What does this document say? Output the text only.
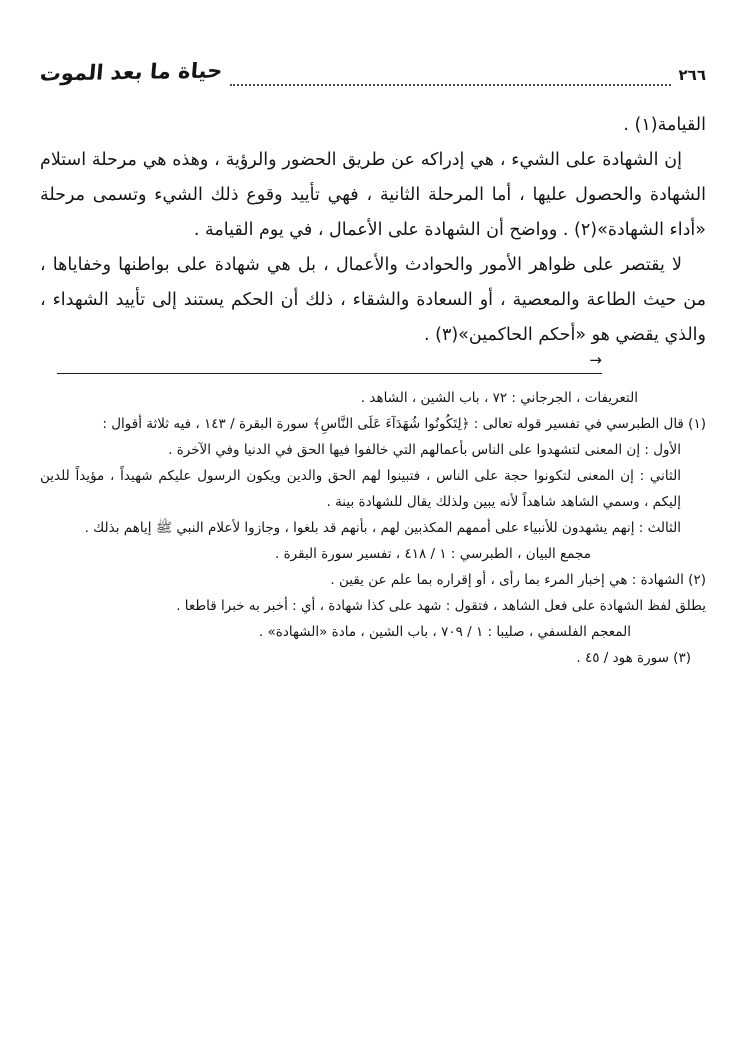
٢٦٦
حياة ما بعد الموت

القيامة(١) .

إن الشهادة على الشيء ، هي إدراكه عن طريق الحضور والرؤية ، وهذه هي مرحلة استلام الشهادة والحصول عليها ، أما المرحلة الثانية ، فهي تأييد وقوع ذلك الشيء وتسمى مرحلة «أداء الشهادة»(٢) . وواضح أن الشهادة على الأعمال ، في يوم القيامة .

لا يقتصر على ظواهر الأمور والحوادث والأعمال ، بل هي شهادة على بواطنها وخفاياها ، من حيث الطاعة والمعصية ، أو السعادة والشقاء ، ذلك أن الحكم يستند إلى تأييد الشهداء ، والذي يقضي هو «أحكم الحاكمين»(٣) .

→

التعريفات ، الجرجاني : ٧٢ ، باب الشين ، الشاهد .

(١) قال الطبرسي في تفسير قوله تعالى : ﴿لِتَكُونُوا شُهَدَآءَ عَلَى النَّاسِ﴾ سورة البقرة / ١٤٣ ، فيه ثلاثة أقوال :

الأول : إن المعنى لتشهدوا على الناس بأعمالهم التي خالفوا فيها الحق في الدنيا وفي الآخرة .

الثاني : إن المعنى لتكونوا حجة على الناس ، فتبينوا لهم الحق والدين ويكون الرسول عليكم شهيداً ، مؤيداً للدين إليكم ، وسمي الشاهد شاهداً لأنه يبين ولذلك يقال للشهادة بينة .

الثالث : إنهم يشهدون للأنبياء على أممهم المكذبين لهم ، بأنهم قد بلغوا ، وجازوا لأعلام النبي ﷺ إياهم بذلك .

مجمع البيان ، الطبرسي : ١ / ٤١٨ ، تفسير سورة البقرة .

(٢) الشهادة : هي إخبار المرء بما رأى ، أو إقراره بما علم عن يقين .

يطلق لفظ الشهادة على فعل الشاهد ، فتقول : شهد على كذا شهادة ، أي : أخبر به خبرا قاطعا .

المعجم الفلسفي ، صليبا : ١ / ٧٠٩ ، باب الشين ، مادة «الشهادة» .

(٣) سورة هود / ٤٥ .
